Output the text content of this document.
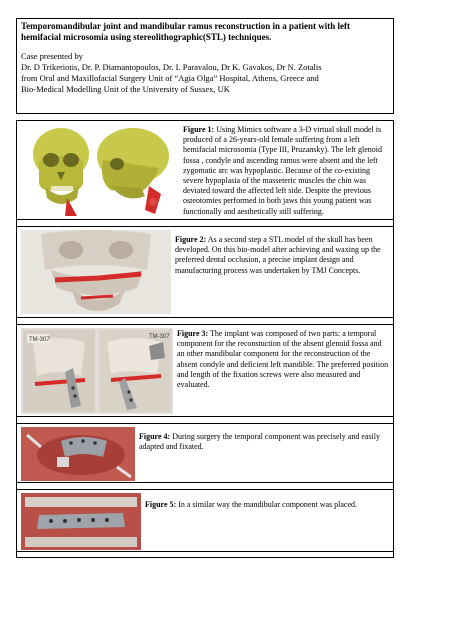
Temporomandibular joint and mandibular ramus reconstruction in a patient with left hemifacial microsomia using stereolithographic(STL) techniques.
Case presented by
Dr. D Trikeriotis, Dr. P. Diamantopoulos, Dr. I. Paravalou, Dr K. Gavakos, Dr N. Zotalis
from Oral and Maxillofacial Surgery Unit of “Agia Olga” Hospital, Athens, Greece and
Bio-Medical Modelling Unit of the University of Sussex, UK
Figure 1: Using Mimics software a 3-D virtual skull model is produced of a 26-years-old female suffering from a left hemifacial microsomia (Type III, Pruzansky). The left glenoid fossa , condyle and ascending ramus were absent and the left zygomatic arc was hypoplastic. Because of the co-existing severe hypoplasia of the masseteric muscles the chin was deviated toward the affected left side. Despite the previous osteotomies performed in both jaws this young patient was functionally and aesthetically still suffering.
Figure 2: As a second step a STL model of the skull has been developed. On this bio-model after achieving and waxing up the preferred dental occlusion, a precise implant design and manufacturing process was undertaken by TMJ Concepts.
TM-307	TM-307 Figure 3: The implant was composed of two parts: a temporal component for the reconstuction of the absent glenoid fossa and an other mandibular component for the reconstruction of the absent condyle and deficient left mandible. The preferred position and length of the fixation screws were also measured and evaluated.
Figure 4: During surgery the temporal component was precisely and easily adapted and fixated.
Figure 5: In a similar way the mandibular component was placed.
